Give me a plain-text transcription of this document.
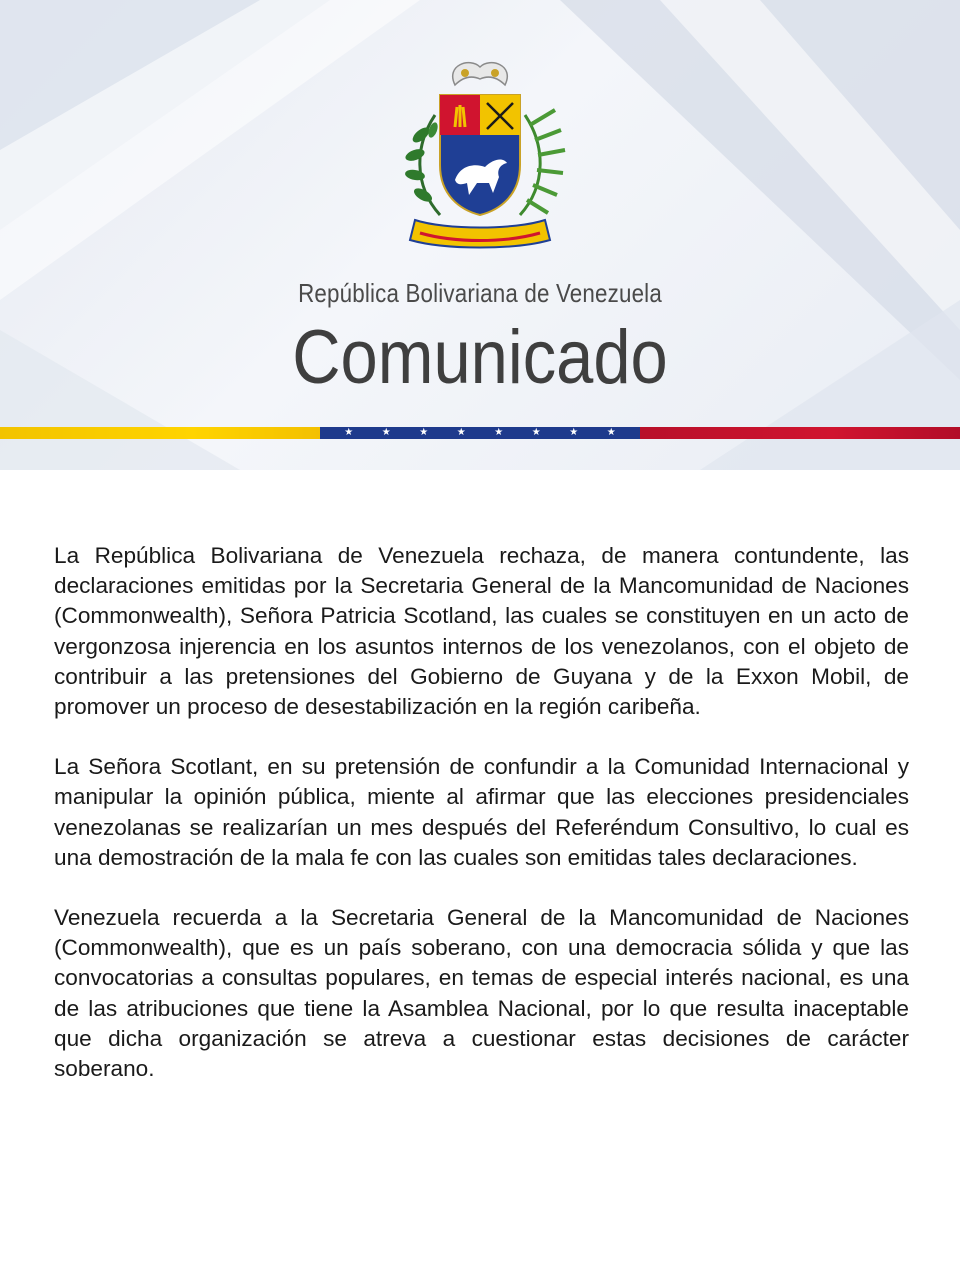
República Bolivariana de Venezuela
Comunicado
★	★	★	★	★	★	★	★

La República Bolivariana de Venezuela rechaza, de manera contundente, las declaraciones emitidas por la Secretaria General de la Mancomunidad de Naciones (Commonwealth), Señora Patricia Scotland, las cuales se constituyen en un acto de vergonzosa injerencia en los asuntos internos de los venezolanos, con el objeto de contribuir a las pretensiones del Gobierno de Guyana y de la Exxon Mobil, de promover un proceso de desestabilización en la región caribeña.

La Señora Scotlant, en su pretensión de confundir a la Comunidad Internacional y manipular la opinión pública, miente al afirmar que las elecciones presidenciales venezolanas se realizarían un mes después del Referéndum Consultivo, lo cual es una demostración de la mala fe con las cuales son emitidas tales declaraciones.

Venezuela recuerda a la Secretaria General de la Mancomunidad de Naciones (Commonwealth), que es un país soberano, con una democracia sólida y que las convocatorias a consultas populares, en temas de especial interés nacional, es una de las atribuciones que tiene la Asamblea Nacional, por lo que resulta inaceptable que dicha organización se atreva a cuestionar estas decisiones de carácter soberano.
